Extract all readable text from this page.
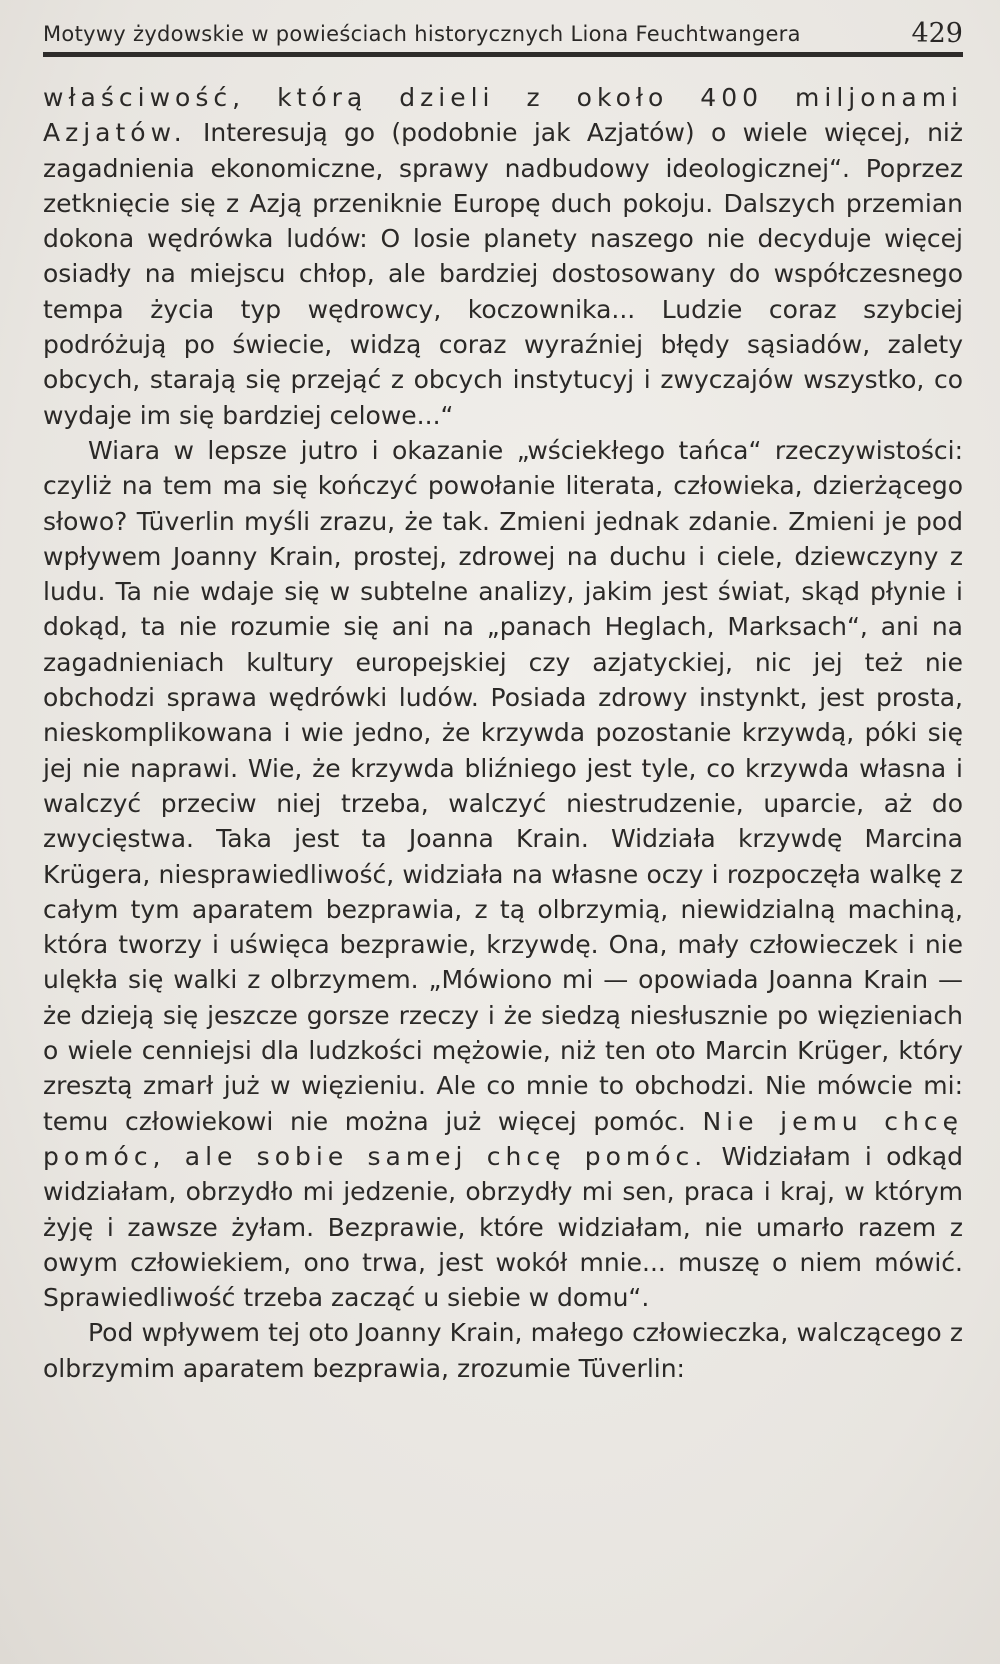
Motywy żydowskie w powieściach historycznych Liona Feuchtwangera	429

właściwość, którą dzieli z około 400 miljonami Azjatów. Interesują go (podobnie jak Azjatów) o wiele więcej, niż zagadnienia ekonomiczne, sprawy nadbudowy ideologicznej“. Poprzez zetknięcie się z Azją przeniknie Europę duch pokoju. Dalszych przemian dokona wędrówka ludów: O losie planety naszego nie decyduje więcej osiadły na miejscu chłop, ale bardziej dostosowany do współczesnego tempa życia typ wędrowcy, koczownika... Ludzie coraz szybciej podróżują po świecie, widzą coraz wyraźniej błędy sąsiadów, zalety obcych, starają się przejąć z obcych instytucyj i zwyczajów wszystko, co wydaje im się bardziej celowe...“

Wiara w lepsze jutro i okazanie „wściekłego tańca“ rzeczywistości: czyliż na tem ma się kończyć powołanie literata, człowieka, dzierżącego słowo? Tüverlin myśli zrazu, że tak. Zmieni jednak zdanie. Zmieni je pod wpływem Joanny Krain, prostej, zdrowej na duchu i ciele, dziewczyny z ludu. Ta nie wdaje się w subtelne analizy, jakim jest świat, skąd płynie i dokąd, ta nie rozumie się ani na „panach Heglach, Marksach“, ani na zagadnieniach kultury europejskiej czy azjatyckiej, nic jej też nie obchodzi sprawa wędrówki ludów. Posiada zdrowy instynkt, jest prosta, nieskomplikowana i wie jedno, że krzywda pozostanie krzywdą, póki się jej nie naprawi. Wie, że krzywda bliźniego jest tyle, co krzywda własna i walczyć przeciw niej trzeba, walczyć niestrudzenie, uparcie, aż do zwycięstwa. Taka jest ta Joanna Krain. Widziała krzywdę Marcina Krügera, niesprawiedliwość, widziała na własne oczy i rozpoczęła walkę z całym tym aparatem bezprawia, z tą olbrzymią, niewidzialną machiną, która tworzy i uświęca bezprawie, krzywdę. Ona, mały człowieczek i nie ulękła się walki z olbrzymem. „Mówiono mi — opowiada Joanna Krain — że dzieją się jeszcze gorsze rzeczy i że siedzą niesłusznie po więzieniach o wiele cenniejsi dla ludzkości mężowie, niż ten oto Marcin Krüger, który zresztą zmarł już w więzieniu. Ale co mnie to obchodzi. Nie mówcie mi: temu człowiekowi nie można już więcej pomóc. Nie jemu chcę pomóc, ale sobie samej chcę pomóc. Widziałam i odkąd widziałam, obrzydło mi jedzenie, obrzydły mi sen, praca i kraj, w którym żyję i zawsze żyłam. Bezprawie, które widziałam, nie umarło razem z owym człowiekiem, ono trwa, jest wokół mnie... muszę o niem mówić. Sprawiedliwość trzeba zacząć u siebie w domu“.

Pod wpływem tej oto Joanny Krain, małego człowieczka, walczącego z olbrzymim aparatem bezprawia, zrozumie Tüverlin:
